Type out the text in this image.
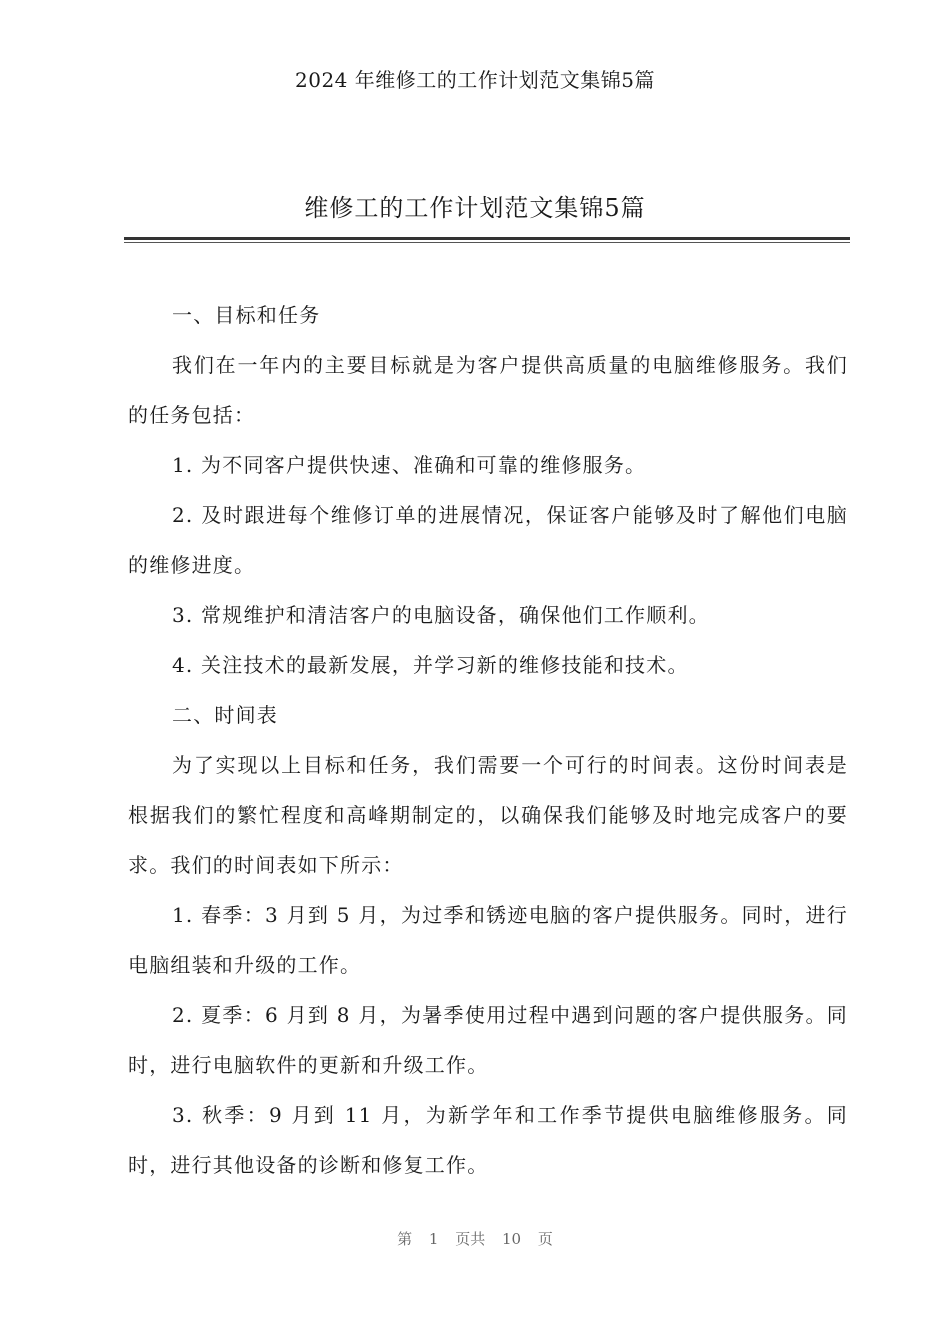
2024 年维修工的工作计划范文集锦5篇
维修工的工作计划范文集锦5篇

一、目标和任务

我们在一年内的主要目标就是为客户提供高质量的电脑维修服务。我们的任务包括：

1. 为不同客户提供快速、准确和可靠的维修服务。

2. 及时跟进每个维修订单的进展情况，保证客户能够及时了解他们电脑的维修进度。

3. 常规维护和清洁客户的电脑设备，确保他们工作顺利。

4. 关注技术的最新发展，并学习新的维修技能和技术。

二、时间表

为了实现以上目标和任务，我们需要一个可行的时间表。这份时间表是根据我们的繁忙程度和高峰期制定的，以确保我们能够及时地完成客户的要求。我们的时间表如下所示：

1. 春季：3 月到 5 月，为过季和锈迹电脑的客户提供服务。同时，进行电脑组装和升级的工作。

2. 夏季：6 月到 8 月，为暑季使用过程中遇到问题的客户提供服务。同时，进行电脑软件的更新和升级工作。

3. 秋季：9 月到 11 月，为新学年和工作季节提供电脑维修服务。同时，进行其他设备的诊断和修复工作。

第 1 页共 10 页
